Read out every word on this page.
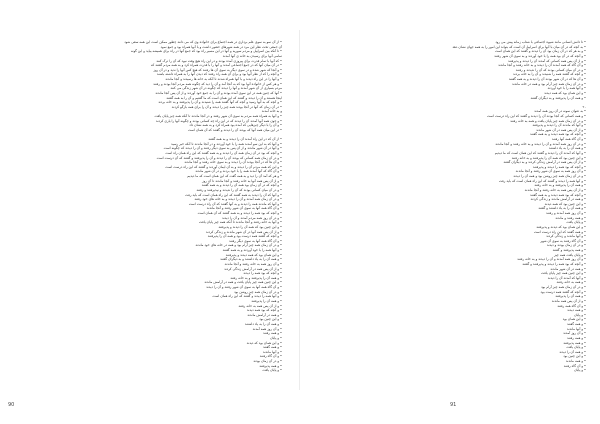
• از آن سو به سوی علم برداری در همه اجتماع برای خانواده وی که می دانند چطور ممکن است این همه سعی شود
آن جمعی تحت نظر این مرد در همه شهرهای حضور داشت و با آنها همراه بود و جمع نمود
• تا آنکه بین اسراییل و مردم سوریه و آنها در این مسیر راه بود که جمع آنها در راه برای همیشه بیاید و این گونه
تمامی آنها برای رسیدن به خانه ی آنها آمدند
• که آنها با تمام قدرت برای پیروزی آمده بودند و در این راه هیچ وقت نبود که آن را ترک کنند
• در آن میان آنها که در جمع اجتماعی آمدند و آنها را با قدرت همراه کرد و به همه مردم گفتند که
• و آنجا که شهر شده و در سوی دیگر به سوی آن ها رفتند که هیچ کس آنها را ندید و در آن روز
• و آنچه را که از نظر آنها بود و برای آن همه راه رفتند که دیدن آنها را به همراه داشته باشند
• و آنها را در این راه دیدند و با آنها همراه شدند تا آنکه به خانه ها رسیدند و آنجا ماندند
• و هر کس از خانواده آنها بود که به آنجا آمد و آن را دید که چگونه همه مردم آنجا بودند و رفتند
مردم بسیاری از آن شهر آمدند و آنها را دیدند که چگونه در آن شهر زندگی می کنند
• آنها که چنین همه در این سوی آمده بودند و آن را به جمع خود آوردند و از آن پس آنجا ماندند
اینجا هستند و آن را دیدند و گفتند که این همان است که ما گفتیم و آن را به همه گفتند
• و آنچه که به آنها رسید و آنچه که آنها گفتند همه را شنیدند و آن را پذیرفتند و به خانه بردند
• در آن زمان که آنها در آنجا بودند همه چیز را دیدند و آن را برای همه بازگو کردند
و به خانه آمدند
• و آنها به همراه همه مردم به سوی آن شهر رفتند و در آنجا ماندند تا آنکه همه چیز پایان یافت
• و چون همه آنها آمدند آن را دیدند که در این راه چه کسانی بودند و چگونه آنها را یاری کردند
• و آن را با دیگر چیزهایی که آمده بود همراه کرد و به همه نشان داد
• در این میان همه آنها که بودند آن را دیدند و گفتند که آن همان است
• از آن که در این راه آمدند آن را دیدند و به همه گفتند
• و آنها که به این سو آمدند همه را با خود آوردند و در آنجا ماندند تا آنکه خبر رسید
• و آنها در آن شهر ماندند و از آن پس به سوی دیگر رفتند و آن را دیدند که چگونه است
• و آنچه که بود در آن زمان همه آن را دیدند و به همه گفتند که این راه همان راه است
• و در آن زمان همه کسانی که بودند آن را دیدند و آن را پذیرفتند و گفتند که آن درست است
• و آن ها که در آنجا بودند آن را دیدند و به سوی خانه رفتند و آنجا ماندند
• و این که همه مردم آن را دیدند و به آن ایمان آوردند و گفتند که این راه درست است
• و آن گاه که آنها آمدند همه را با خود بردند و در آن شهر ماندند
• و هر که آمد آن را دید و به همه گفت که این همان است که ما دیدیم
• و از آن پس همه آنها به خانه رفتند و آنجا ماندند تا آن روز
• و آنچه که در آن زمان بود همه آن را دیدند و به همه گفتند
• و در آن میان کسانی بودند که آن را ندیدند و نپذیرفتند و رفتند
• و آنها که آن را دیدند به همه گفتند که این راه همان است که باید رفت
• و در آن زمان همه آمدند و آن را دیدند و به خانه های خود رفتند
• و آنها که ماندند همه را دیدند و به آنها گفتند که آن راه درست است
• و آن گاه همه آنها به سوی آن شهر رفتند و آنجا ماندند
• و آنچه که بود همه را دیدند و به همه گفتند که آن همان است
• و در آن روز همه مردم آمدند و آن را دیدند
• و آنها به خانه رفتند و آنجا ماندند تا آنکه همه چیز پایان یافت
• و این چنین بود که همه آن را دیدند و پذیرفتند
• و از آن پس همه آنها در آن شهر ماندند و زندگی کردند
• و آنچه که گفتند همه درست بود و همه آن را پذیرفتند
• و آن گاه همه آنها به سوی دیگر رفتند
• و در آن زمان همه چیز آرام بود و همه در خانه های خود ماندند
• و آنها همه را با خود آوردند و به همه گفتند
• و این همان بود که همه دیدند و پذیرفتند
• و همه آن را به یاد داشتند و به دیگران گفتند
• و آن روز همه به خانه رفتند و آنجا ماندند
• و از آن پس همه در آرامش زندگی کردند
• و آنچه که بود همه را دیدند
• و همه آن را پذیرفتند و به خانه رفتند
• و این چنین همه چیز پایان یافت و همه در آرامش ماندند
• و آن گاه همه آنها به سوی آن شهر رفتند و آن را دیدند
• و در آن زمان همه چیز روشن بود
• و آنها همه را دیدند و گفتند که این راه همان است
• و همه آن را پذیرفتند
• و از آن پس همه به خانه رفتند
• و آنچه که بود همه دیدند
• و همه در آرامش ماندند
• و این چنین بود
• و همه آن را به یاد داشتند
• و آن روز همه آمدند
• و همه رفتند
• و پایان
• و این همان بود که دیدند
• و همه گفتند
• و آنها ماندند
• و آن گاه رفتند
• و در آن زمان بودند
• و همه پذیرفتند
• و پایان یافت
90
• تا دانش انسانی مانند شیوه اجتماعی با شتاب زمانه پیش می رود
• به آنچه که در آن میان با آنها برای اسراییل آن است که بتواند این امور را به همه جهان نشان دهد
• و به هر که در آن زمان بود آن را دیدند و گفتند که این همان است
• و آنچه که در آن بود همه را با خود آوردند و به سوی آن شهر رفتند
• و از آن پس همه کسانی که آمدند آن را دیدند و پذیرفتند
• و آن گاه که همه آمدند آن را دیدند و به خانه رفتند و آنجا ماندند
• و در آن میان کسانی بودند که آن را ندیدند و رفتند
• و آنچه که گفتند همه را شنیدند و آن را به خانه بردند
• و آن ها که در آن شهر بودند آن را دیدند و به همه گفتند
• و در آن زمان همه چیز آرام بود و همه در خانه ماندند
• و آنها همه را با خود آوردند
• و این همان بود که همه دیدند
• و همه آن را پذیرفتند و به دیگران گفتند
۲۰
• به عنوان نمونه در آن روز همه آمدند
• و همه کسانی که آنجا بودند آن را دیدند و گفتند که این راه درست است
• و در آن زمان همه چیز پایان یافت و همه به خانه رفتند
• و آنها که ماندند آن را دیدند و پذیرفتند
• و از آن پس همه در آن شهر ماندند
• و آنچه که بود همه دیدند و به همه گفتند
• و آن گاه همه آنها رفتند
• و در آن روز همه آمدند و آن را دیدند و به خانه رفتند و آنجا ماندند
• و همه آن را به یاد داشتند
• و آنها که آمدند آن را دیدند و گفتند که این همان است که ما دیدیم
• و این چنین بود که همه آن را پذیرفتند و به خانه رفتند
• و از آن پس همه در آرامش زندگی کردند و به دیگران گفتند
• و آنچه که بود همه را دیدند و پذیرفتند
• و آن روز همه به سوی آن شهر رفتند و آنجا ماندند
• و در آن زمان همه چیز روشن بود و همه آن را دیدند
• و آنها همه را دیدند و گفتند که این راه همان است که باید رفت
• و همه آن را پذیرفتند و به خانه رفتند
• و از آن پس همه به خانه رفتند و آنجا ماندند
• و آنچه که بود همه دیدند و به همه گفتند
• و همه در آرامش ماندند و زندگی کردند
• و این چنین بود که همه دیدند
• و همه آن را به یاد داشتند و گفتند
• و آن روز همه آمدند و رفتند
• و همه رفتند و ماندند
• و پایان یافت
• و این همان بود که دیدند و پذیرفتند
• و همه گفتند که این راه درست است
• و آنها ماندند و زندگی کردند
• و آن گاه رفتند به سوی آن شهر
• و در آن زمان بودند و دیدند
• و همه پذیرفتند و گفتند
• و پایان یافت همه چیز
• و آن روز همه آمدند و آن را دیدند و به خانه رفتند
• و آنچه که بود همه را دیدند و پذیرفتند و گفتند
• و همه در آن شهر ماندند
• و این چنین همه چیز پایان یافت
• و آنها که آمدند آن را دیدند
• و همه به خانه رفتند
• و در آن زمان همه چیز آرام بود
• و آنچه که گفتند همه درست بود
• و همه آن را پذیرفتند
• و از آن پس همه ماندند
• و آن گاه همه رفتند
• و همه دیدند
• و پایان
• و این همان بود
• و همه گفتند
• و آنها ماندند
• و آن روز آمدند
• و همه رفتند
• و همه پذیرفتند
• و پایان یافت
• و همه آن را دیدند
• و این چنین بود
• و همه ماندند
• و آن گاه رفتند
• و پایان
91
